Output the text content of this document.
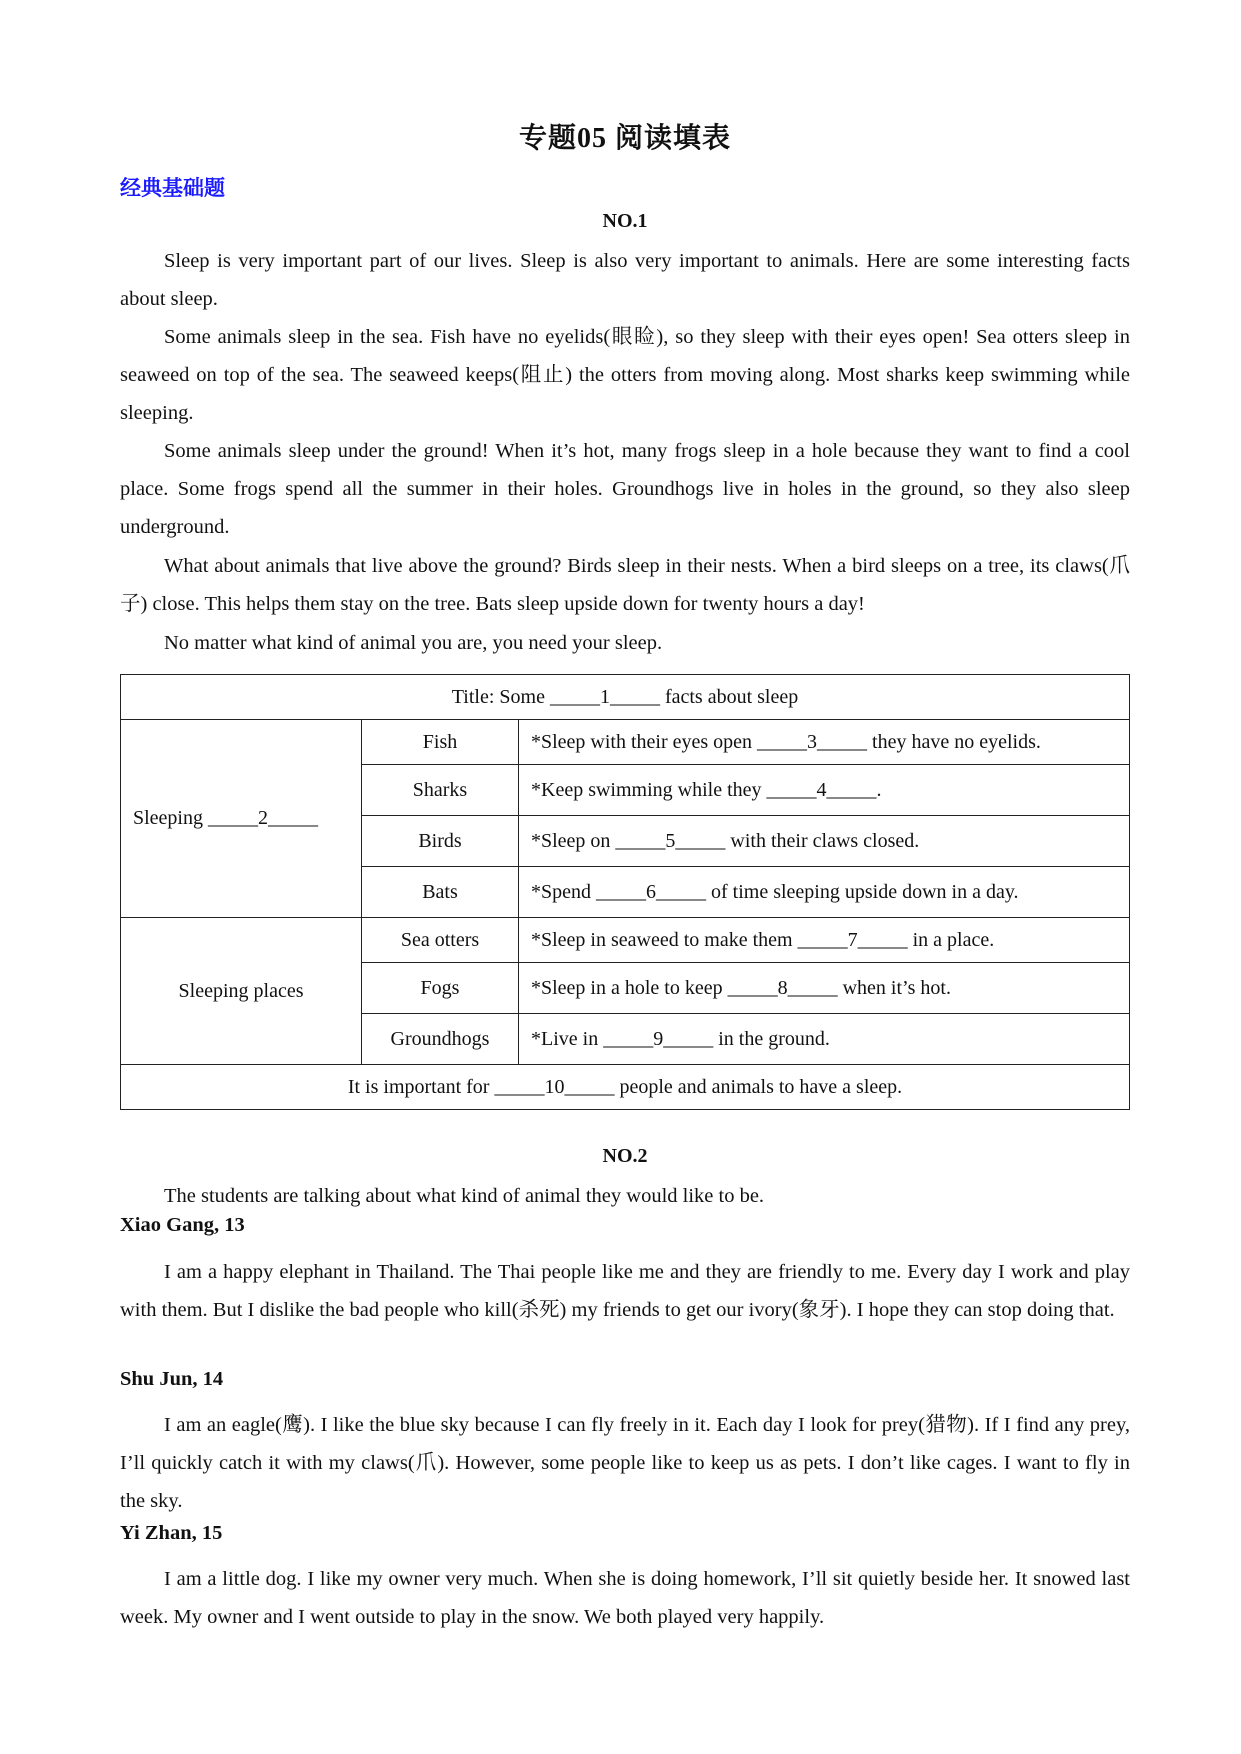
专题05 阅读填表
经典基础题
NO.1
Sleep is very important part of our lives. Sleep is also very important to animals. Here are some interesting facts about sleep.
Some animals sleep in the sea. Fish have no eyelids(眼睑), so they sleep with their eyes open! Sea otters sleep in seaweed on top of the sea. The seaweed keeps(阻止) the otters from moving along. Most sharks keep swimming while sleeping.
Some animals sleep under the ground! When it’s hot, many frogs sleep in a hole because they want to find a cool place. Some frogs spend all the summer in their holes. Groundhogs live in holes in the ground, so they also sleep underground.
What about animals that live above the ground? Birds sleep in their nests. When a bird sleeps on a tree, its claws(爪子) close. This helps them stay on the tree. Bats sleep upside down for twenty hours a day!
No matter what kind of animal you are, you need your sleep.
Title: Some _____1_____ facts about sleep		
Sleeping _____2_____	Fish	*Sleep with their eyes open _____3_____ they have no eyelids.
	Sharks	*Keep swimming while they _____4_____.
	Birds	*Sleep on _____5_____ with their claws closed.
	Bats	*Spend _____6_____ of time sleeping upside down in a day.
Sleeping places	Sea otters	*Sleep in seaweed to make them _____7_____ in a place.
	Fogs	*Sleep in a hole to keep _____8_____ when it’s hot.
	Groundhogs	*Live in _____9_____ in the ground.
It is important for _____10_____ people and animals to have a sleep.		
NO.2
The students are talking about what kind of animal they would like to be.
Xiao Gang, 13
I am a happy elephant in Thailand. The Thai people like me and they are friendly to me. Every day I work and play with them. But I dislike the bad people who kill(杀死) my friends to get our ivory(象牙). I hope they can stop doing that.
Shu Jun, 14
I am an eagle(鹰). I like the blue sky because I can fly freely in it. Each day I look for prey(猎物). If I find any prey, I’ll quickly catch it with my claws(爪). However, some people like to keep us as pets. I don’t like cages. I want to fly in the sky.
Yi Zhan, 15
I am a little dog. I like my owner very much. When she is doing homework, I’ll sit quietly beside her. It snowed last week. My owner and I went outside to play in the snow. We both played very happily.
